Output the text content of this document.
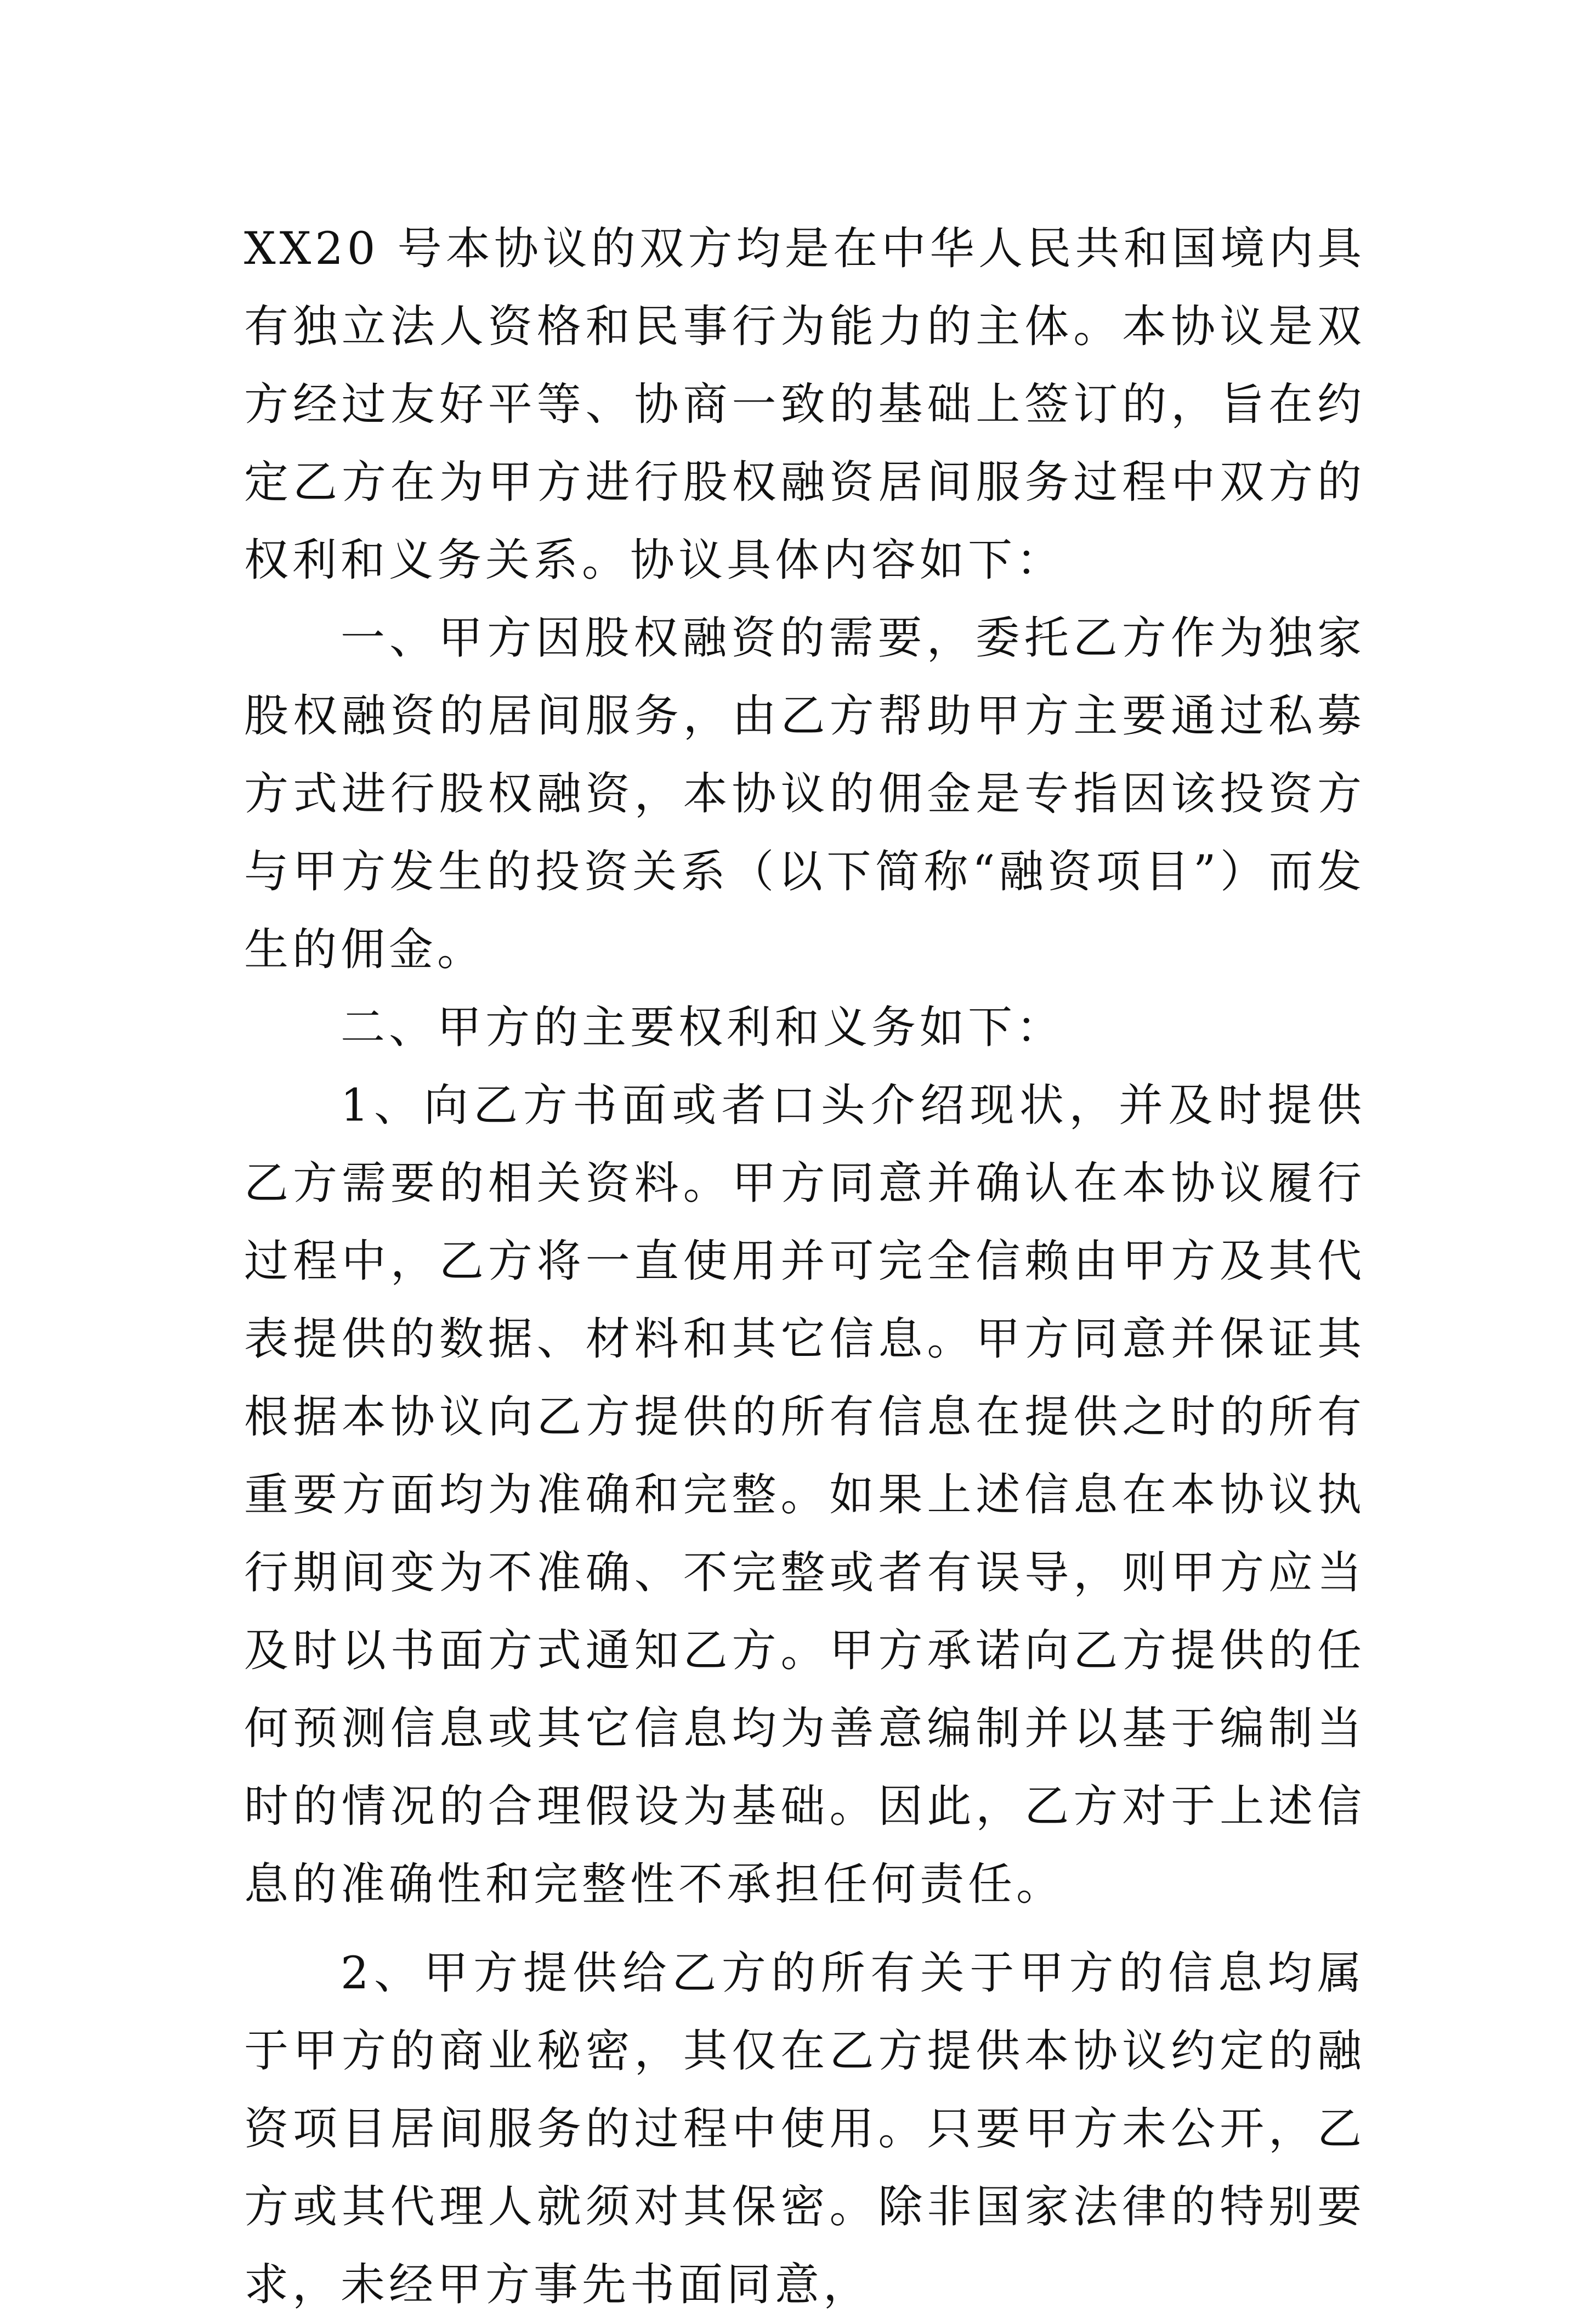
XX20 号本协议的双方均是在中华人民共和国境内具有独立法人资格和民事行为能力的主体。本协议是双方经过友好平等、协商一致的基础上签订的，旨在约定乙方在为甲方进行股权融资居间服务过程中双方的权利和义务关系。协议具体内容如下：

一、甲方因股权融资的需要，委托乙方作为独家股权融资的居间服务，由乙方帮助甲方主要通过私募方式进行股权融资，本协议的佣金是专指因该投资方与甲方发生的投资关系（以下简称“融资项目”）而发生的佣金。

二、甲方的主要权利和义务如下：

1、向乙方书面或者口头介绍现状，并及时提供乙方需要的相关资料。甲方同意并确认在本协议履行过程中，乙方将一直使用并可完全信赖由甲方及其代表提供的数据、材料和其它信息。甲方同意并保证其根据本协议向乙方提供的所有信息在提供之时的所有重要方面均为准确和完整。如果上述信息在本协议执行期间变为不准确、不完整或者有误导，则甲方应当及时以书面方式通知乙方。甲方承诺向乙方提供的任何预测信息或其它信息均为善意编制并以基于编制当时的情况的合理假设为基础。因此，乙方对于上述信息的准确性和完整性不承担任何责任。

2、甲方提供给乙方的所有关于甲方的信息均属于甲方的商业秘密，其仅在乙方提供本协议约定的融资项目居间服务的过程中使用。只要甲方未公开，乙方或其代理人就须对其保密。除非国家法律的特别要求，未经甲方事先书面同意，
